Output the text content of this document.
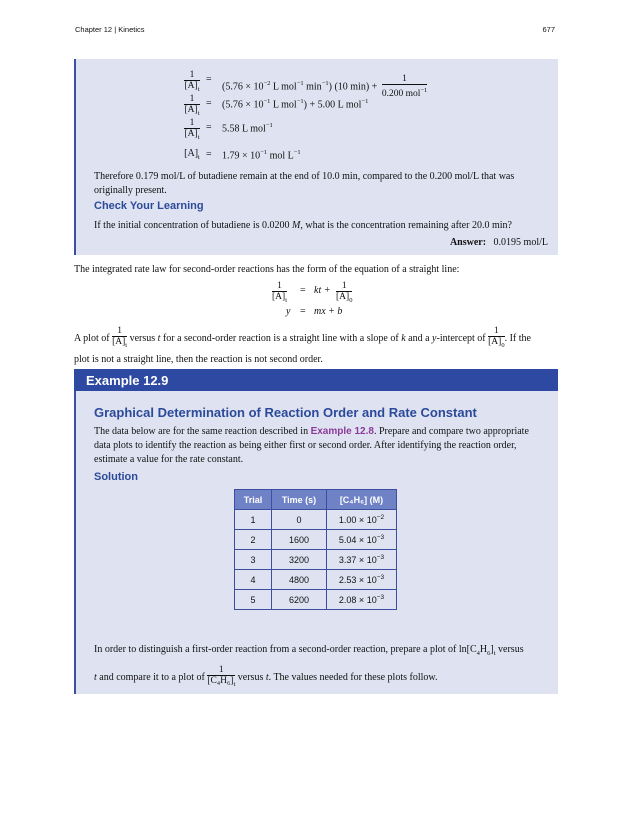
Chapter 12 | Kinetics	677
$\frac{1}{[A]_t}$ =
($5.76 \times 10^{-2}$ L mol$^{-1}$ $\min^{-1}$) (10 $\min) + \frac{1}{0.200 mol^{-1}}$
$\frac{1}{[A]_t} = (5.76 \times 10^{-1}$ L mol$^{-1}$) + 5.00 L mol$^{-1}$
$\frac{1}{[A]_t} = 5.58$ L mol$^{-1}$
$[A]_t = 1.79 \times 10^{-1}$ mol $L^{-1}$
Therefore 0.179 mol/L of butadiene remain at the end of 10.0 min, compared to the 0.200 mol/L that was
originally present.
Check Your Learning
If the initial concentration of butadiene is 0.0200 M, what is the concentration remaining after 20.0 min?
Answer: 0.0195 mol/L
The integrated rate law for second-order reactions has the form of the equation of a straight line:
$\frac{1}{[A]_t}$ = kt + $\frac{1}{[A]_0}$
y = mx + b
A plot of $\frac{1}{[A]_t}$ versus t for a second-order reaction is a straight line with a slope of k and a y-intercept of $\frac{1}{[A]_0}$ . If the
plot is not a straight line, then the reaction is not second order.
Example 12.9
Graphical Determination of Reaction Order and Rate Constant
The data below are for the same reaction described in Example 12.8. Prepare and compare two appropriate
data plots to identify the reaction as being either first or second order. After identifying the reaction order,
estimate a value for the rate constant.
Solution
Trial	Time (s)	[C₄H₆] (M)
1	0	$1.00 \times 10^{-2}$
2	1600	$5.04 \times 10^{-3}$
3	3200	$3.37 \times 10^{-3}$
4	4800	$2.53 \times 10^{-3}$
5	6200	$2.08 \times 10^{-3}$
In order to distinguish a first-order reaction from a second-order reaction, prepare a plot of $\ln[C_4H_6]_t$ versus
t and compare it to a plot of $\frac{1}{[C_4H_6]_t}$ versus t. The values needed for these plots follow.
